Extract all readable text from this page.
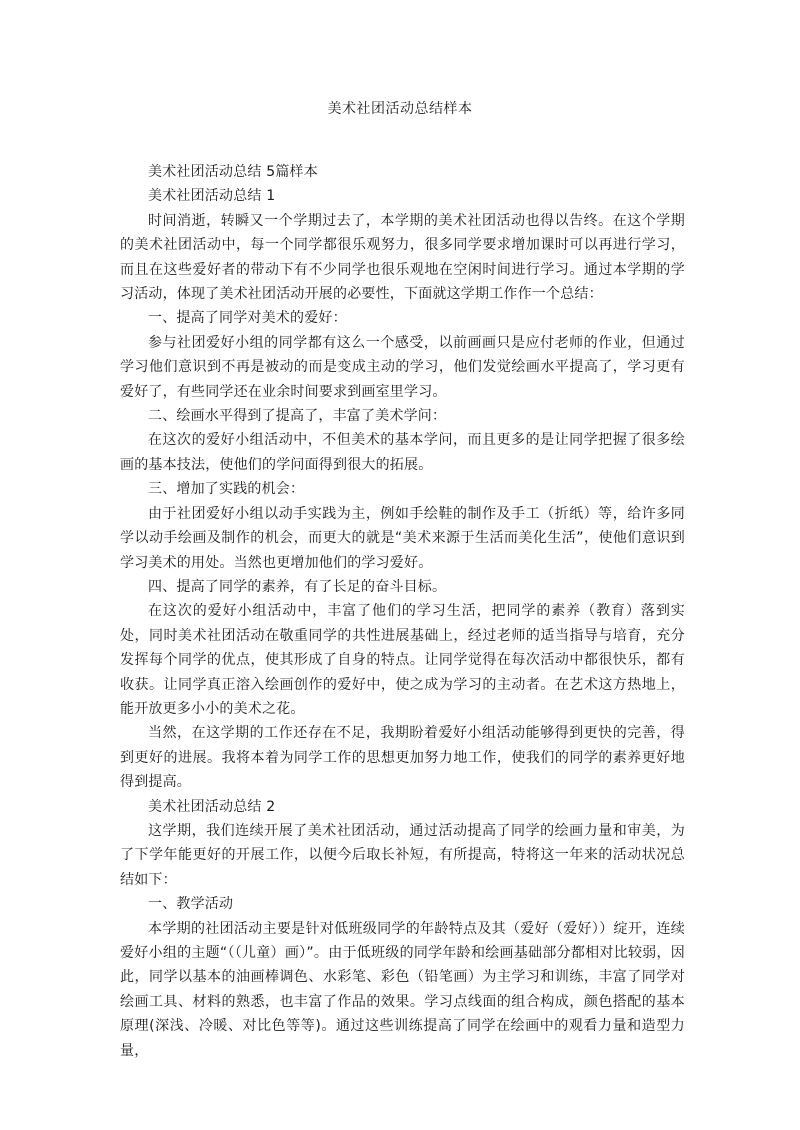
美术社团活动总结样本

美术社团活动总结 5篇样本

美术社团活动总结 1

时间消逝，转瞬又一个学期过去了，本学期的美术社团活动也得以告终。在这个学期的美术社团活动中，每一个同学都很乐观努力，很多同学要求增加课时可以再进行学习，而且在这些爱好者的带动下有不少同学也很乐观地在空闲时间进行学习。通过本学期的学习活动，体现了美术社团活动开展的必要性，下面就这学期工作作一个总结：

一、提高了同学对美术的爱好：

参与社团爱好小组的同学都有这么一个感受，以前画画只是应付老师的作业，但通过学习他们意识到不再是被动的而是变成主动的学习，他们发觉绘画水平提高了，学习更有爱好了，有些同学还在业余时间要求到画室里学习。

二、绘画水平得到了提高了，丰富了美术学问：

在这次的爱好小组活动中，不但美术的基本学问，而且更多的是让同学把握了很多绘画的基本技法，使他们的学问面得到很大的拓展。

三、增加了实践的机会：

由于社团爱好小组以动手实践为主，例如手绘鞋的制作及手工（折纸）等，给许多同学以动手绘画及制作的机会，而更大的就是“美术来源于生活而美化生活”，使他们意识到学习美术的用处。当然也更增加他们的学习爱好。

四、提高了同学的素养，有了长足的奋斗目标。

在这次的爱好小组活动中，丰富了他们的学习生活，把同学的素养（教育）落到实处，同时美术社团活动在敬重同学的共性进展基础上，经过老师的适当指导与培育，充分发挥每个同学的优点，使其形成了自身的特点。让同学觉得在每次活动中都很快乐，都有收获。让同学真正溶入绘画创作的爱好中，使之成为学习的主动者。在艺术这方热地上，能开放更多小小的美术之花。

当然，在这学期的工作还存在不足，我期盼着爱好小组活动能够得到更快的完善，得到更好的进展。我将本着为同学工作的思想更加努力地工作，使我们的同学的素养更好地得到提高。

美术社团活动总结 2

这学期，我们连续开展了美术社团活动，通过活动提高了同学的绘画力量和审美，为了下学年能更好的开展工作，以便今后取长补短，有所提高，特将这一年来的活动状况总结如下：

一、教学活动

本学期的社团活动主要是针对低班级同学的年龄特点及其（爱好（爱好））绽开，连续爱好小组的主题“（（儿童）画）”。由于低班级的同学年龄和绘画基础部分都相对比较弱，因此，同学以基本的油画棒调色、水彩笔、彩色（铅笔画）为主学习和训练，丰富了同学对绘画工具、材料的熟悉，也丰富了作品的效果。学习点线面的组合构成，颜色搭配的基本原理(深浅、冷暖、对比色等等)。通过这些训练提高了同学在绘画中的观看力量和造型力量，
